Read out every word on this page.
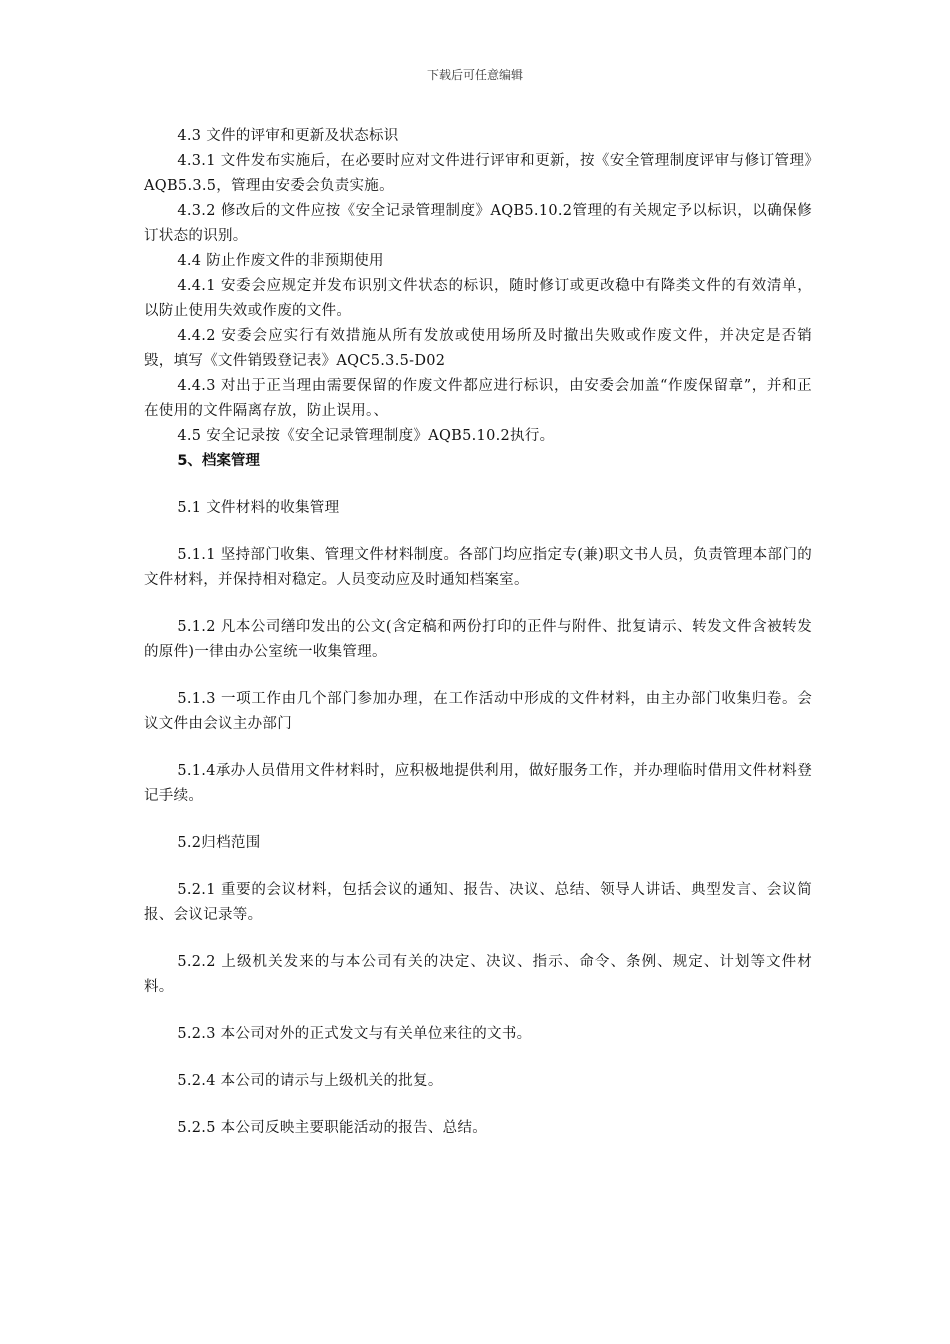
下载后可任意编辑

4.3 文件的评审和更新及状态标识

4.3.1 文件发布实施后，在必要时应对文件进行评审和更新，按《安全管理制度评审与修订管理》AQB5.3.5，管理由安委会负责实施。

4.3.2 修改后的文件应按《安全记录管理制度》AQB5.10.2管理的有关规定予以标识，以确保修订状态的识别。

4.4 防止作废文件的非预期使用

4.4.1 安委会应规定并发布识别文件状态的标识，随时修订或更改稳中有降类文件的有效清单，以防止使用失效或作废的文件。

4.4.2 安委会应实行有效措施从所有发放或使用场所及时撤出失败或作废文件，并决定是否销毁，填写《文件销毁登记表》AQC5.3.5-D02

4.4.3 对出于正当理由需要保留的作废文件都应进行标识，由安委会加盖“作废保留章”，并和正在使用的文件隔离存放，防止误用。、

4.5 安全记录按《安全记录管理制度》AQB5.10.2执行。

5、档案管理

5.1 文件材料的收集管理

5.1.1 坚持部门收集、管理文件材料制度。各部门均应指定专(兼)职文书人员，负责管理本部门的文件材料，并保持相对稳定。人员变动应及时通知档案室。

5.1.2 凡本公司缮印发出的公文(含定稿和两份打印的正件与附件、批复请示、转发文件含被转发的原件)一律由办公室统一收集管理。

5.1.3 一项工作由几个部门参加办理，在工作活动中形成的文件材料，由主办部门收集归卷。会议文件由会议主办部门

5.1.4承办人员借用文件材料时，应积极地提供利用，做好服务工作，并办理临时借用文件材料登记手续。

5.2归档范围

5.2.1 重要的会议材料，包括会议的通知、报告、决议、总结、领导人讲话、典型发言、会议简报、会议记录等。

5.2.2 上级机关发来的与本公司有关的决定、决议、指示、命令、条例、规定、计划等文件材料。

5.2.3 本公司对外的正式发文与有关单位来往的文书。

5.2.4 本公司的请示与上级机关的批复。

5.2.5 本公司反映主要职能活动的报告、总结。
